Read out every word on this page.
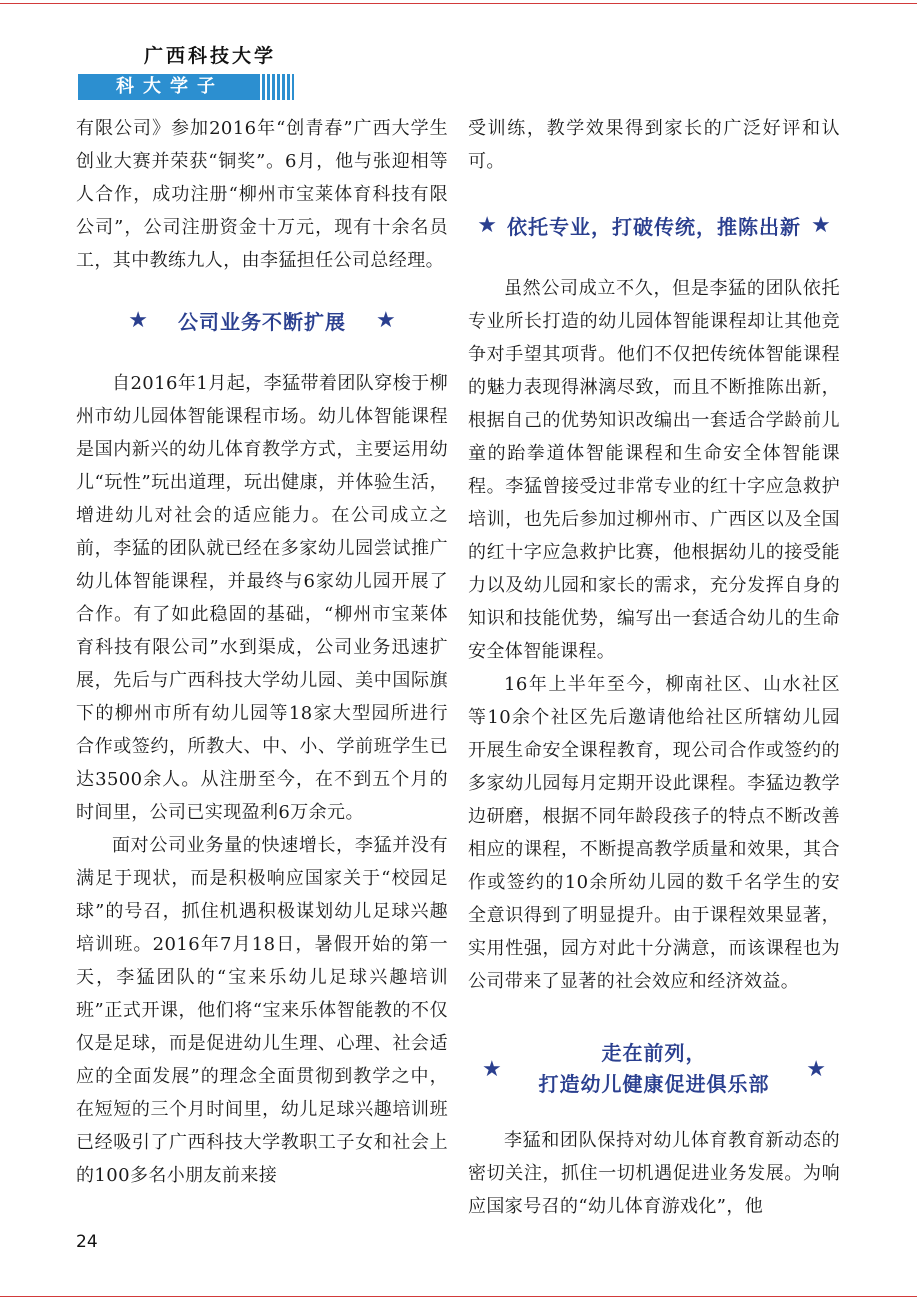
广西科技大学
科大学子

有限公司》参加2016年“创青春”广西大学生创业大赛并荣获“铜奖”。6月，他与张迎相等人合作，成功注册“柳州市宝莱体育科技有限公司”，公司注册资金十万元，现有十余名员工，其中教练九人，由李猛担任公司总经理。

★ 公司业务不断扩展 ★

自2016年1月起，李猛带着团队穿梭于柳州市幼儿园体智能课程市场。幼儿体智能课程是国内新兴的幼儿体育教学方式，主要运用幼儿“玩性”玩出道理，玩出健康，并体验生活，增进幼儿对社会的适应能力。在公司成立之前，李猛的团队就已经在多家幼儿园尝试推广幼儿体智能课程，并最终与6家幼儿园开展了合作。有了如此稳固的基础，“柳州市宝莱体育科技有限公司”水到渠成，公司业务迅速扩展，先后与广西科技大学幼儿园、美中国际旗下的柳州市所有幼儿园等18家大型园所进行合作或签约，所教大、中、小、学前班学生已达3500余人。从注册至今，在不到五个月的时间里，公司已实现盈利6万余元。

面对公司业务量的快速增长，李猛并没有满足于现状，而是积极响应国家关于“校园足球”的号召，抓住机遇积极谋划幼儿足球兴趣培训班。2016年7月18日，暑假开始的第一天，李猛团队的“宝来乐幼儿足球兴趣培训班”正式开课，他们将“宝来乐体智能教的不仅仅是足球，而是促进幼儿生理、心理、社会适应的全面发展”的理念全面贯彻到教学之中，在短短的三个月时间里，幼儿足球兴趣培训班已经吸引了广西科技大学教职工子女和社会上的100多名小朋友前来接

受训练，教学效果得到家长的广泛好评和认可。

★ 依托专业，打破传统，推陈出新 ★

虽然公司成立不久，但是李猛的团队依托专业所长打造的幼儿园体智能课程却让其他竞争对手望其项背。他们不仅把传统体智能课程的魅力表现得淋漓尽致，而且不断推陈出新，根据自己的优势知识改编出一套适合学龄前儿童的跆拳道体智能课程和生命安全体智能课程。李猛曾接受过非常专业的红十字应急救护培训，也先后参加过柳州市、广西区以及全国的红十字应急救护比赛，他根据幼儿的接受能力以及幼儿园和家长的需求，充分发挥自身的知识和技能优势，编写出一套适合幼儿的生命安全体智能课程。

16年上半年至今，柳南社区、山水社区等10余个社区先后邀请他给社区所辖幼儿园开展生命安全课程教育，现公司合作或签约的多家幼儿园每月定期开设此课程。李猛边教学边研磨，根据不同年龄段孩子的特点不断改善相应的课程，不断提高教学质量和效果，其合作或签约的10余所幼儿园的数千名学生的安全意识得到了明显提升。由于课程效果显著，实用性强，园方对此十分满意，而该课程也为公司带来了显著的社会效应和经济效益。

★
走在前列，
打造幼儿健康促进俱乐部
★

李猛和团队保持对幼儿体育教育新动态的密切关注，抓住一切机遇促进业务发展。为响应国家号召的“幼儿体育游戏化”，他

24
